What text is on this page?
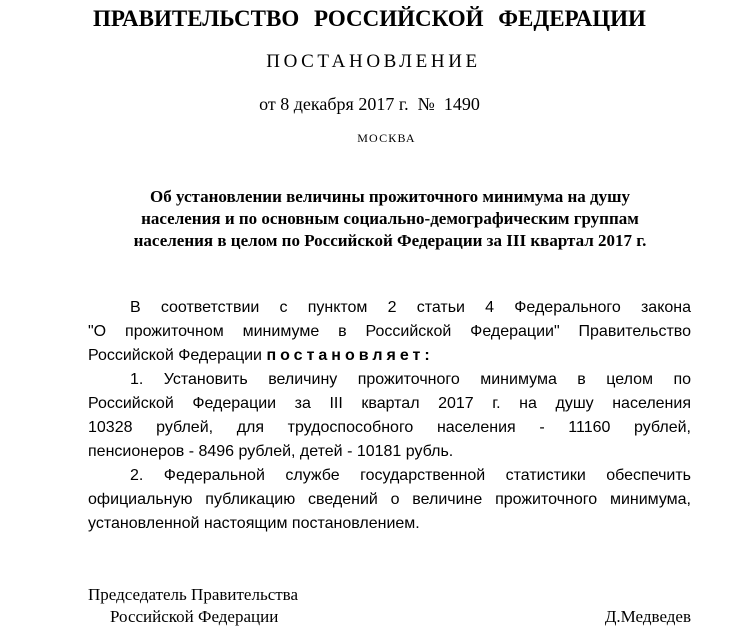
ПРАВИТЕЛЬСТВО РОССИЙСКОЙ ФЕДЕРАЦИИ
ПОСТАНОВЛЕНИЕ
от 8 декабря 2017 г.  №  1490
МОСКВА
Об установлении величины прожиточного минимума на душу
населения и по основным социально-демографическим группам
населения в целом по Российской Федерации за III квартал 2017 г.
В соответствии с пунктом 2 статьи 4 Федерального закона
"О прожиточном минимуме в Российской Федерации" Правительство
Российской Федерации постановляет:
1. Установить величину прожиточного минимума в целом по
Российской Федерации за III квартал 2017 г. на душу населения
10328 рублей, для трудоспособного населения - 11160 рублей,
пенсионеров - 8496 рублей, детей - 10181 рубль.
2. Федеральной службе государственной статистики обеспечить
официальную публикацию сведений о величине прожиточного минимума,
установленной настоящим постановлением.
Председатель Правительства
Российской Федерации	Д.Медведев
